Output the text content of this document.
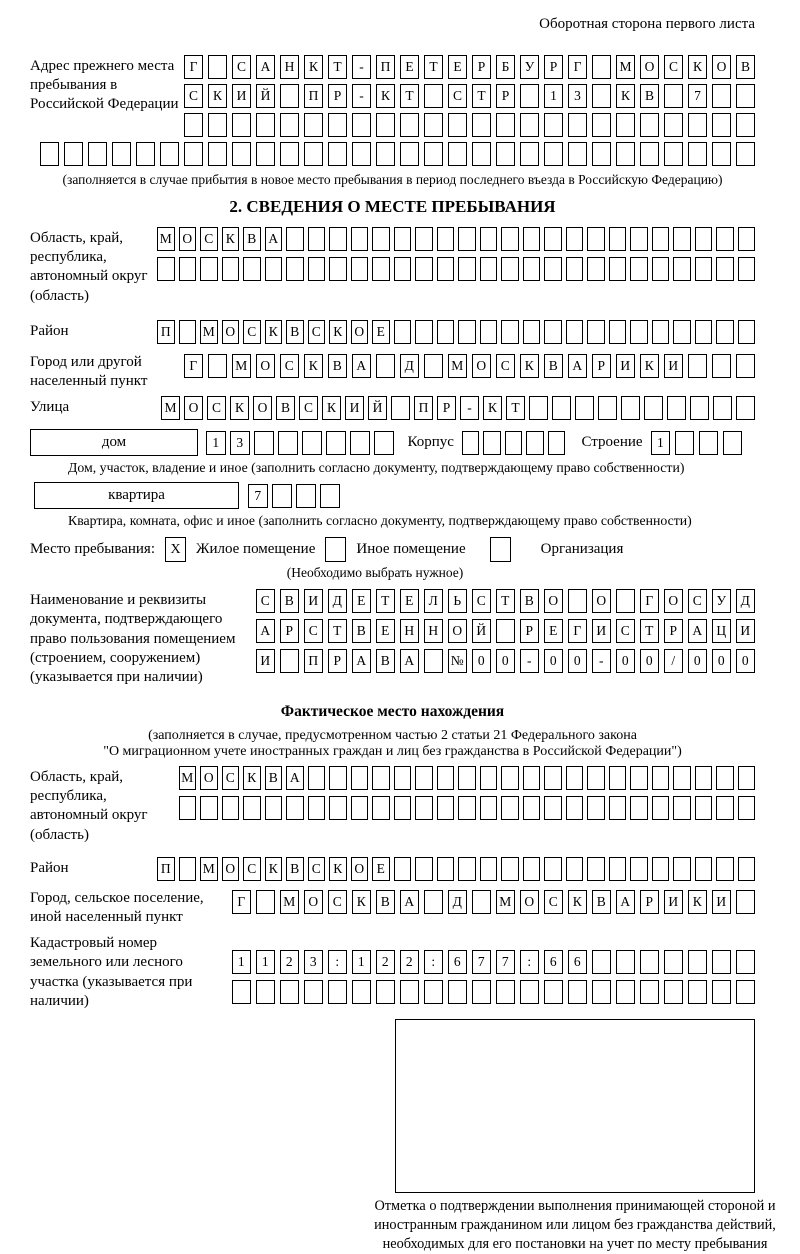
Оборотная сторона первого листа
Адрес прежнего места пребывания в Российской Федерации
Г	С	А	Н	К	Т	-	П	Е	Т	Е	Р	Б	У	Р	Г	М О	С	К	О	В
С	К	И	Й	П	Р	-	К	Т	С	Т	Р	1	3	К	В	7
(заполняется в случае прибытия в новое место пребывания в период последнего въезда в Российскую Федерацию)
2. СВЕДЕНИЯ О МЕСТЕ ПРЕБЫВАНИЯ
Область, край, республика, автономный округ (область)
М О С К В А
Район	П М О С К В С К О Е
Город или другой населенный пункт
Г	М О	С	К	В	А	Д	М О	С	К	В	А	Р	И	К	И
Улица	М О	С	К	О	В	С	К	И Й	П	Р	-	К	Т
дом	1	3	Корпус	Строение	1
Дом, участок, владение и иное (заполнить согласно документу, подтверждающему право собственности)
квартира	7
Квартира, комната, офис и иное (заполнить согласно документу, подтверждающему право собственности)
Место пребывания:	X	Жилое помещение	Иное помещение	Организация
(Необходимо выбрать нужное)
Наименование и реквизиты документа, подтверждающего право пользования помещением (строением, сооружением) (указывается при наличии)
С	В	И	Д	Е	Т	Е	Л	Ь	С	Т	В	О	О	Г	О	С	У	Д
А	Р	С	Т	В	Е	Н	Н	О	Й	Р	Е	Г	И	С	Т	Р	А	Ц	И
И	П	Р	А	В	А	№	0	0	-	0	0	-	0	0	/	0	0	0
Фактическое место нахождения
(заполняется в случае, предусмотренном частью 2 статьи 21 Федерального закона
"О миграционном учете иностранных граждан и лиц без гражданства в Российской Федерации")
Область, край, республика, автономный округ (область)
М О С К В А
Район	П М О С К В С К О Е
Город, сельское поселение, иной населенный пункт
Г	М О	С	К	В	А	Д	М О	С	К	В	А	Р	И	К	И
Кадастровый номер земельного или лесного участка (указывается при наличии)
1	1	2	3	:	1	2	2	:	6	7	7	:	6	6
Отметка о подтверждении выполнения принимающей стороной и иностранным гражданином или лицом без гражданства действий, необходимых для его постановки на учет по месту пребывания
